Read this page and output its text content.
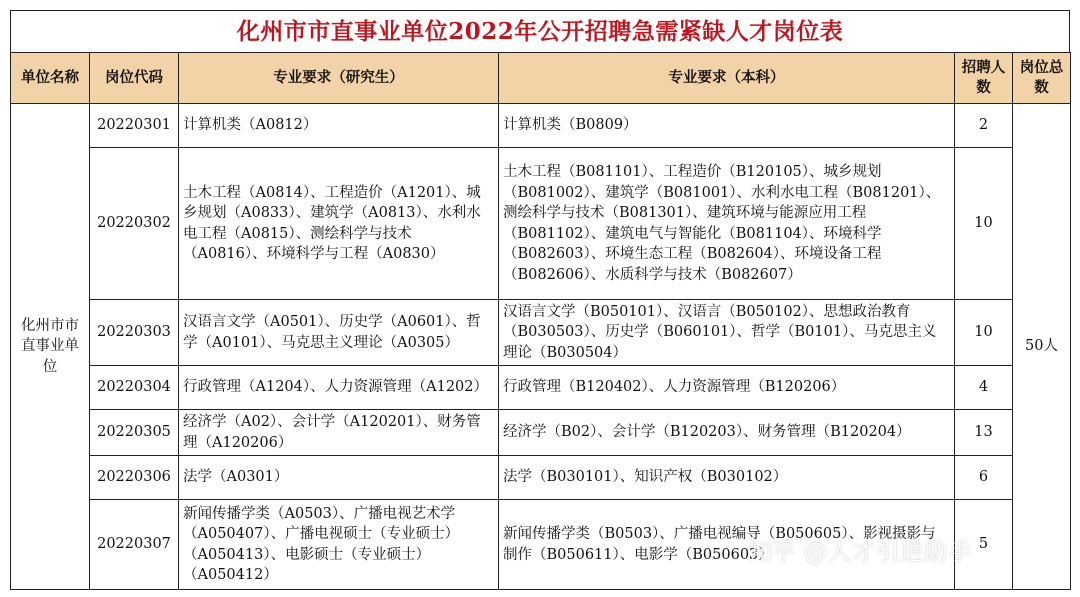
化州市市直事业单位2022年公开招聘急需紧缺人才岗位表
单位名称	岗位代码	专业要求（研究生）	专业要求（本科）	招聘人数	岗位总数
化州市市直事业单位	20220301	计算机类（A0812）	计算机类（B0809）	2	50人
	20220302	土木工程（A0814）、工程造价（A1201）、城乡规划（A0833）、建筑学（A0813）、水利水电工程（A0815）、测绘科学与技术（A0816）、环境科学与工程（A0830）	土木工程（B081101）、工程造价（B120105）、城乡规划（B081002）、建筑学（B081001）、水利水电工程（B081201）、测绘科学与技术（B081301）、建筑环境与能源应用工程（B081102）、建筑电气与智能化（B081104）、环境科学（B082603）、环境生态工程（B082604）、环境设备工程（B082606）、水质科学与技术（B082607）	10	
	20220303	汉语言文学（A0501）、历史学（A0601）、哲学（A0101）、马克思主义理论（A0305）	汉语言文学（B050101）、汉语言（B050102）、思想政治教育（B030503）、历史学（B060101）、哲学（B0101）、马克思主义理论（B030504）	10	
	20220304	行政管理（A1204）、人力资源管理（A1202）	行政管理（B120402）、人力资源管理（B120206）	4	
	20220305	经济学（A02）、会计学（A120201）、财务管理（A120206）	经济学（B02）、会计学（B120203）、财务管理（B120204）	13	
	20220306	法学（A0301）	法学（B030101）、知识产权（B030102）	6	
	20220307	新闻传播学类（A0503）、广播电视艺术学（A050407）、广播电视硕士（专业硕士）（A050413）、电影硕士（专业硕士）（A050412）	新闻传播学类（B0503）、广播电视编导（B050605）、影视摄影与制作（B050611）、电影学（B050603）	5	
知乎 @人才引进助手
